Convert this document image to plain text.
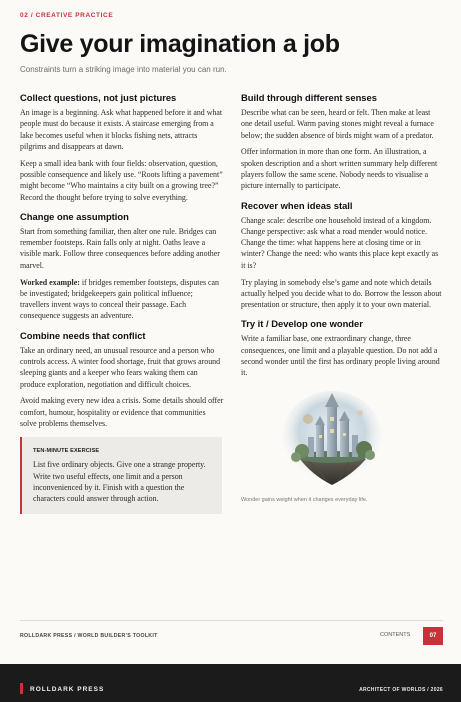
02 / CREATIVE PRACTICE
Give your imagination a job
Constraints turn a striking image into material you can run.
Collect questions, not just pictures

An image is a beginning. Ask what happened before it and what people must do because it exists. A staircase emerging from a lake becomes useful when it blocks fishing nets, attracts pilgrims and disappears at dawn.

Keep a small idea bank with four fields: observation, question, possible consequence and likely use. “Roots lifting a pavement” might become “Who maintains a city built on a growing tree?” Record the thought before trying to solve everything.

Change one assumption

Start from something familiar, then alter one rule. Bridges can remember footsteps. Rain falls only at night. Oaths leave a visible mark. Follow three consequences before adding another marvel.

Worked example: if bridges remember footsteps, disputes can be investigated; bridgekeepers gain political influence; travellers invent ways to conceal their passage. Each consequence suggests an adventure.

Combine needs that conflict

Take an ordinary need, an unusual resource and a person who controls access. A winter food shortage, fruit that grows around sleeping giants and a keeper who fears waking them can produce exploration, negotiation and difficult choices.

Avoid making every new idea a crisis. Some details should offer comfort, humour, hospitality or evidence that communities solve problems themselves.

TEN-MINUTE EXERCISE

List five ordinary objects. Give one a strange property. Write two useful effects, one limit and a person inconvenienced by it. Finish with a question the characters could answer through action.

Build through different senses

Describe what can be seen, heard or felt. Then make at least one detail useful. Warm paving stones might reveal a furnace below; the sudden absence of birds might warn of a predator.

Offer information in more than one form. An illustration, a spoken description and a short written summary help different players follow the same scene. Nobody needs to visualise a picture internally to participate.

Recover when ideas stall

Change scale: describe one household instead of a kingdom. Change perspective: ask what a road mender would notice. Change the time: what happens here at closing time or in winter? Change the need: who wants this place kept exactly as it is?

Try playing in somebody else’s game and note which details actually helped you decide what to do. Borrow the lesson about presentation or structure, then apply it to your own material.

Try it / Develop one wonder

Write a familiar base, one extraordinary change, three consequences, one limit and a playable question. Do not add a second wonder until the first has ordinary people living around it.

Wonder gains weight when it changes everyday life.
ROLLDARK PRESS / WORLD BUILDER’S TOOLKIT	CONTENTS	07
ROLLDARK PRESS	ARCHITECT OF WORLDS / 2026
